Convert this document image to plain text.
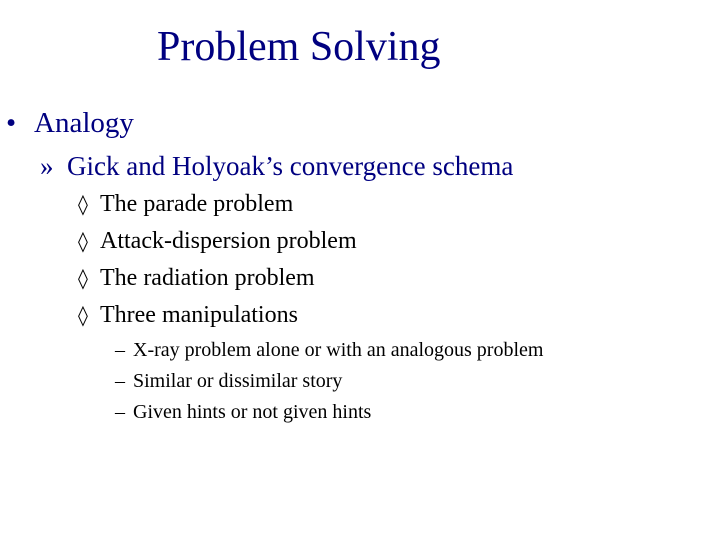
Problem Solving
• Analogy
» Gick and Holyoak’s convergence schema
◊ The parade problem
◊ Attack-dispersion problem
◊ The radiation problem
◊ Three manipulations
– X-ray problem alone or with an analogous problem
– Similar or dissimilar story
– Given hints or not given hints
